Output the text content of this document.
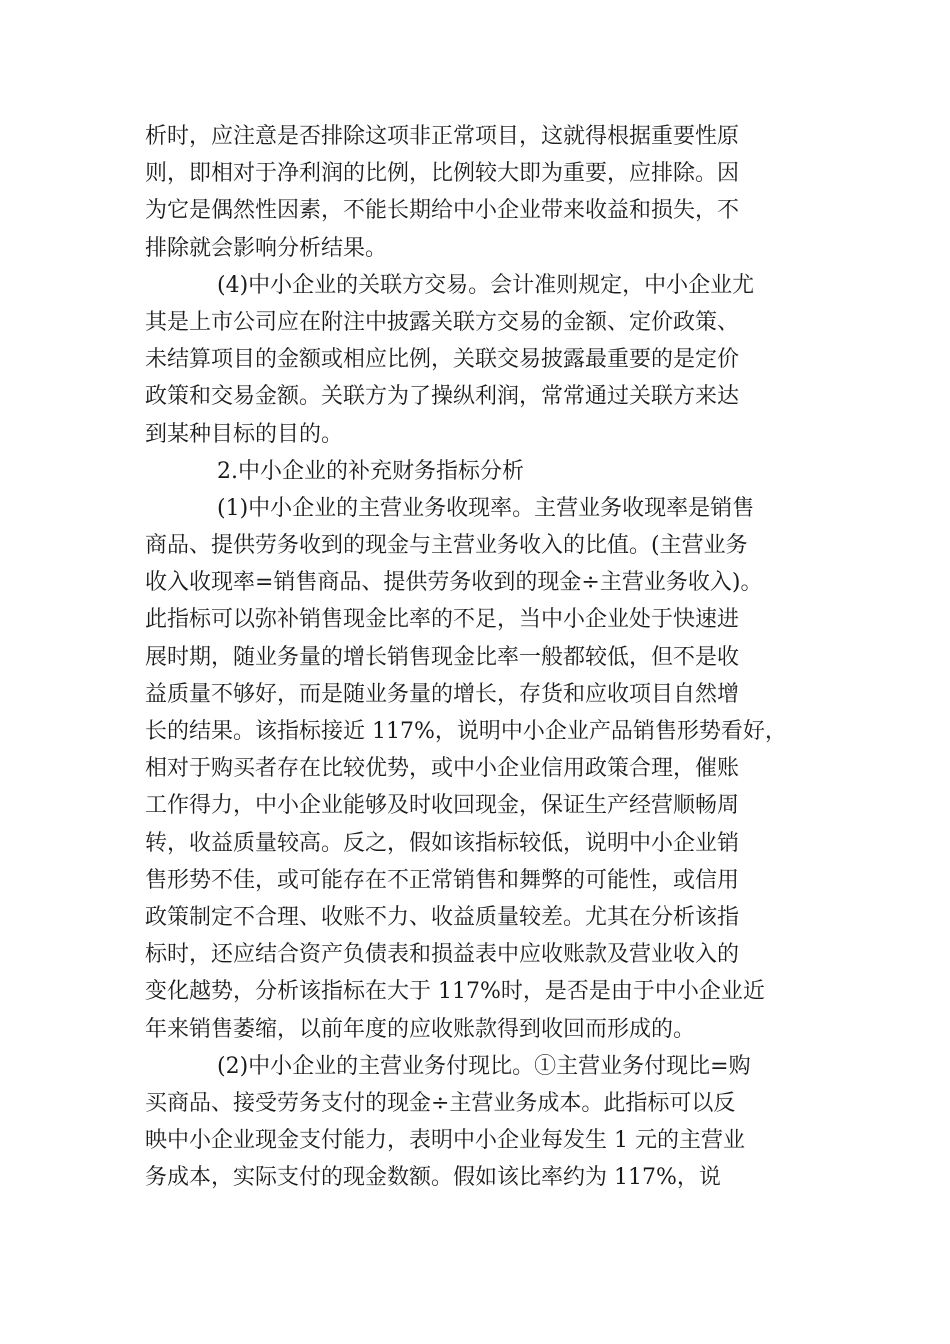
析时，应注意是否排除这项非正常项目，这就得根据重要性原
则，即相对于净利润的比例，比例较大即为重要，应排除。因
为它是偶然性因素，不能长期给中小企业带来收益和损失，不
排除就会影响分析结果。
(4)中小企业的关联方交易。会计准则规定，中小企业尤
其是上市公司应在附注中披露关联方交易的金额、定价政策、
未结算项目的金额或相应比例，关联交易披露最重要的是定价
政策和交易金额。关联方为了操纵利润，常常通过关联方来达
到某种目标的目的。
2.中小企业的补充财务指标分析
(1)中小企业的主营业务收现率。主营业务收现率是销售
商品、提供劳务收到的现金与主营业务收入的比值。(主营业务
收入收现率=销售商品、提供劳务收到的现金÷主营业务收入)。
此指标可以弥补销售现金比率的不足，当中小企业处于快速进
展时期，随业务量的增长销售现金比率一般都较低，但不是收
益质量不够好，而是随业务量的增长，存货和应收项目自然增
长的结果。该指标接近 117%，说明中小企业产品销售形势看好，
相对于购买者存在比较优势，或中小企业信用政策合理，催账
工作得力，中小企业能够及时收回现金，保证生产经营顺畅周
转，收益质量较高。反之，假如该指标较低，说明中小企业销
售形势不佳，或可能存在不正常销售和舞弊的可能性，或信用
政策制定不合理、收账不力、收益质量较差。尤其在分析该指
标时，还应结合资产负债表和损益表中应收账款及营业收入的
变化越势，分析该指标在大于 117%时，是否是由于中小企业近
年来销售萎缩，以前年度的应收账款得到收回而形成的。
(2)中小企业的主营业务付现比。①主营业务付现比=购
买商品、接受劳务支付的现金÷主营业务成本。此指标可以反
映中小企业现金支付能力，表明中小企业每发生 1 元的主营业
务成本，实际支付的现金数额。假如该比率约为 117%，说
